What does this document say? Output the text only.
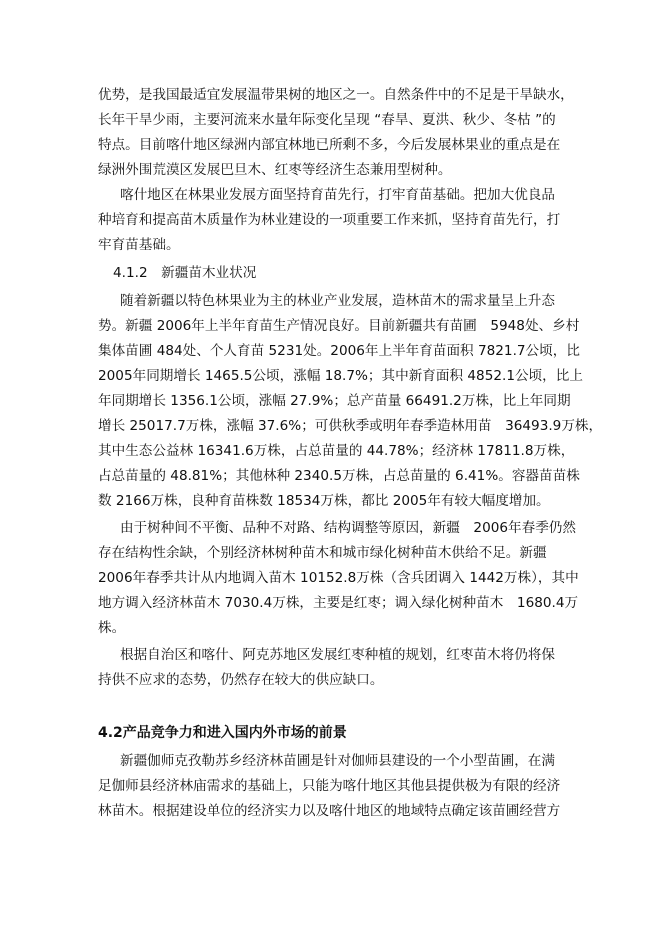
优势，是我国最适宜发展温带果树的地区之一。自然条件中的不足是干旱缺水，
长年干旱少雨，主要河流来水量年际变化呈现 “春旱、夏洪、秋少、冬枯 ”的
特点。目前喀什地区绿洲内部宜林地已所剩不多，今后发展林果业的重点是在
绿洲外围荒漠区发展巴旦木、红枣等经济生态兼用型树种。
喀什地区在林果业发展方面坚持育苗先行，打牢育苗基础。把加大优良品
种培育和提高苗木质量作为林业建设的一项重要工作来抓，坚持育苗先行，打
牢育苗基础。
4.1.2　新疆苗木业状况
随着新疆以特色林果业为主的林业产业发展，造林苗木的需求量呈上升态
势。新疆 2006年上半年育苗生产情况良好。目前新疆共有苗圃　5948处、乡村
集体苗圃 484处、个人育苗 5231处。2006年上半年育苗面积 7821.7公顷，比
2005年同期增长 1465.5公顷，涨幅 18.7%；其中新育面积 4852.1公顷，比上
年同期增长 1356.1公顷，涨幅 27.9%；总产苗量 66491.2万株，比上年同期
增长 25017.7万株，涨幅 37.6%；可供秋季或明年春季造林用苗　36493.9万株，
其中生态公益林 16341.6万株，占总苗量的 44.78%；经济林 17811.8万株，
占总苗量的 48.81%；其他林种 2340.5万株，占总苗量的 6.41%。容器苗苗株
数 2166万株，良种育苗株数 18534万株，都比 2005年有较大幅度增加。
由于树种间不平衡、品种不对路、结构调整等原因，新疆　2006年春季仍然
存在结构性余缺，个别经济林树种苗木和城市绿化树种苗木供给不足。新疆
2006年春季共计从内地调入苗木 10152.8万株（含兵团调入 1442万株），其中
地方调入经济林苗木 7030.4万株，主要是红枣；调入绿化树种苗木　1680.4万
株。
根据自治区和喀什、阿克苏地区发展红枣种植的规划，红枣苗木将仍将保
持供不应求的态势，仍然存在较大的供应缺口。
4.2产品竞争力和进入国内外市场的前景
新疆伽师克孜勒苏乡经济林苗圃是针对伽师县建设的一个小型苗圃，在满
足伽师县经济林庙需求的基础上，只能为喀什地区其他县提供极为有限的经济
林苗木。根据建设单位的经济实力以及喀什地区的地域特点确定该苗圃经营方
